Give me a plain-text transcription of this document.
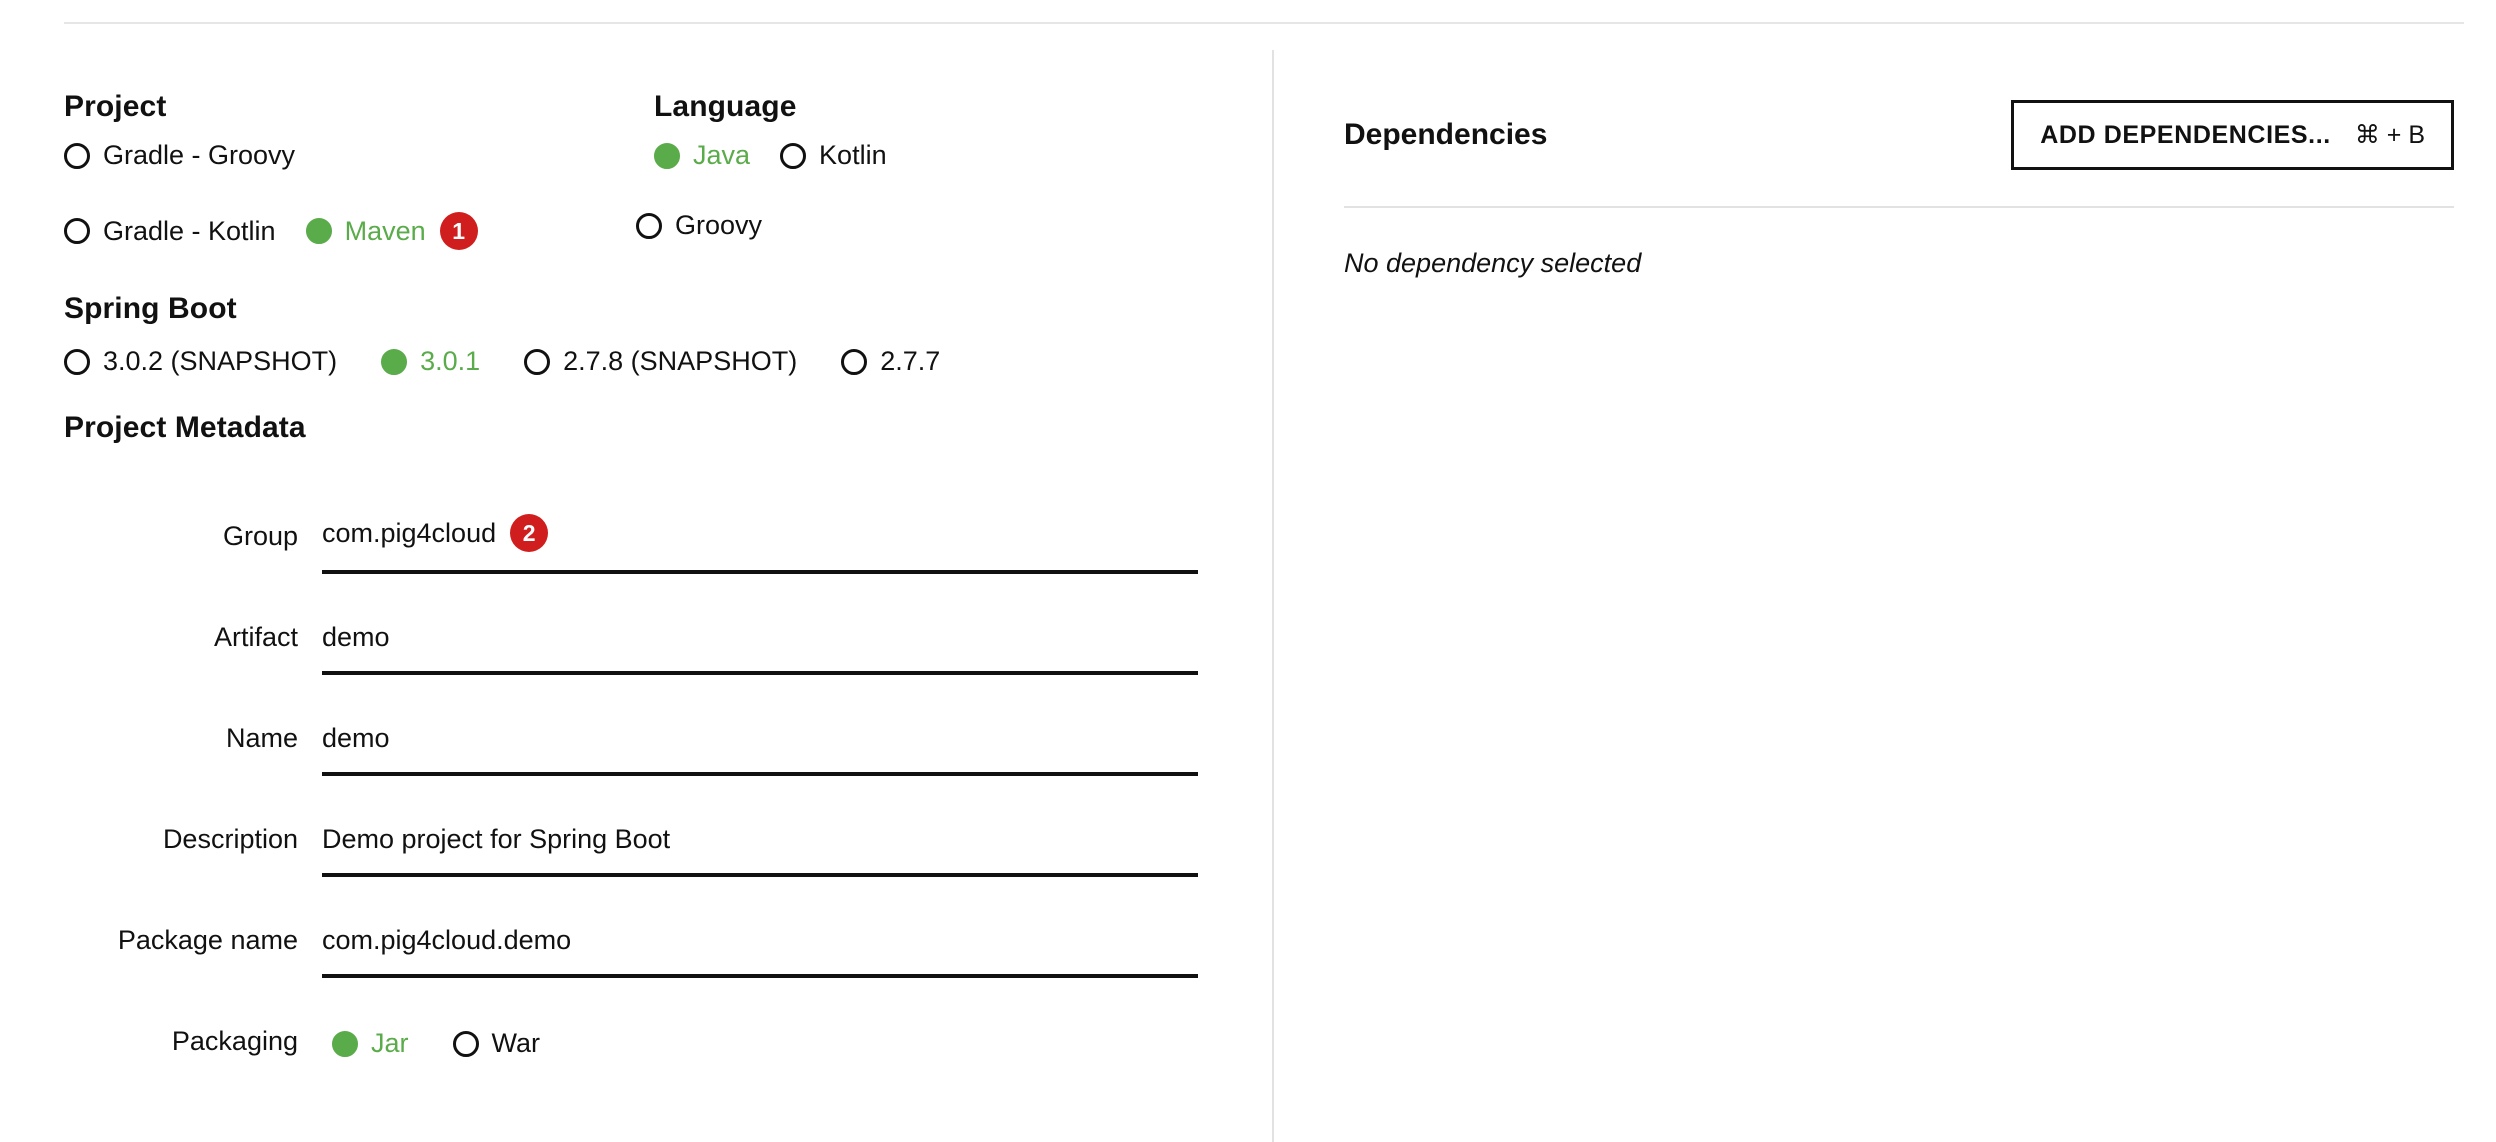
Project	Language
Gradle - Groovy
Gradle - Kotlin	Maven	1
Java	Kotlin
Groovy
Spring Boot
3.0.2 (SNAPSHOT)	3.0.1	2.7.8 (SNAPSHOT)	2.7.7
Project Metadata
Group com.pig4cloud	2
Artifact demo
Name demo
Description Demo project for Spring Boot
Package name com.pig4cloud.demo
Packaging	Jar	War
Dependencies	ADD DEPENDENCIES... ⌘ + B
No dependency selected
